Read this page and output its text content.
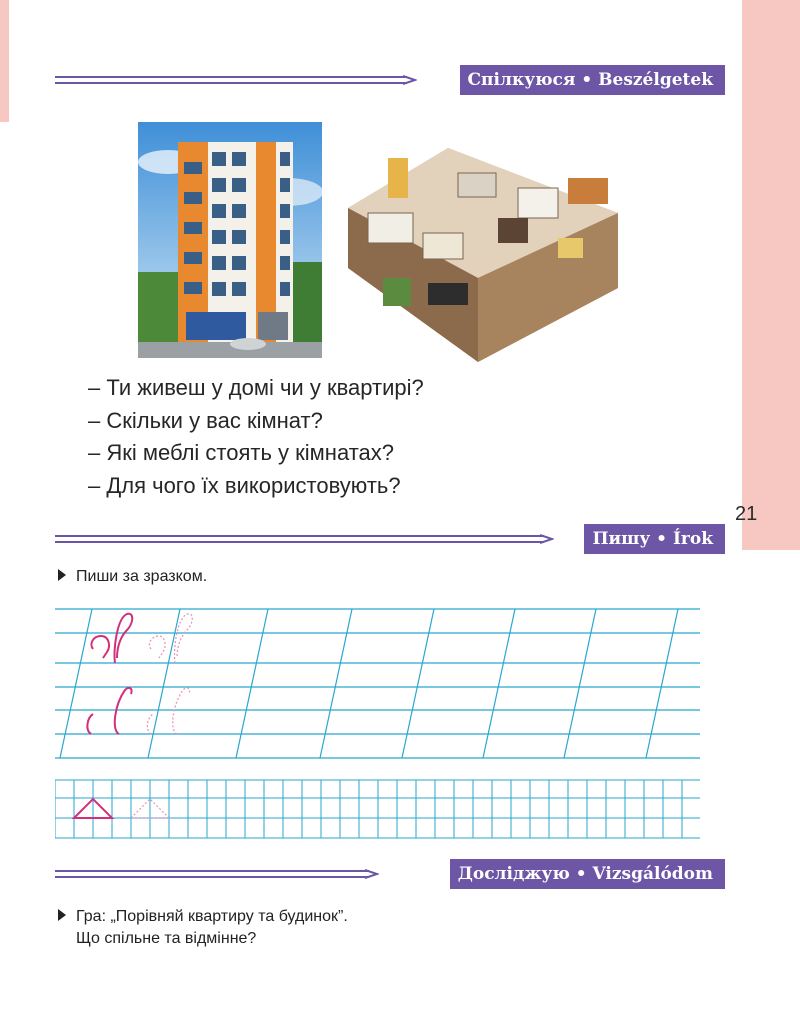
Спілкуюся • Beszélgetek
– Ти живеш у домі чи у квартирі?
– Скільки у вас кімнат?
– Які меблі стоять у кімнатах?
– Для чого їх використовують?
21
Пишу • Írok
Пиши за зразком.
Досліджую • Vizsgálódom
Гра: „Порівняй квартиру та будинок”.
Що спільне та відмінне?
